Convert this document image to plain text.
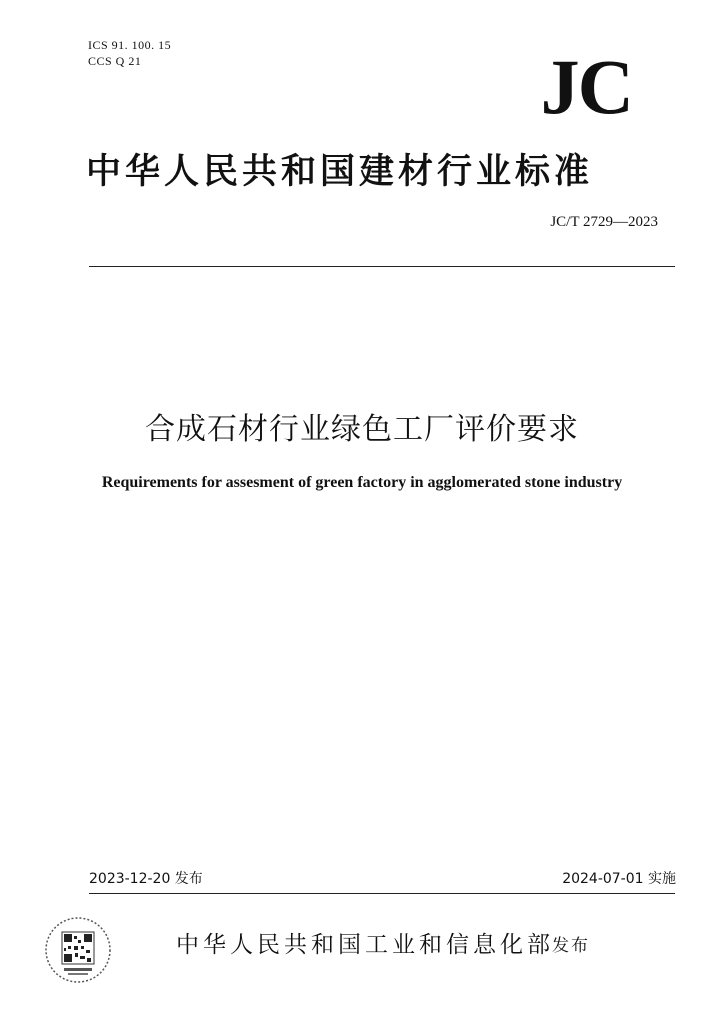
ICS 91. 100. 15
CCS Q 21	JC
中华人民共和国建材行业标准
JC/T 2729—2023
合成石材行业绿色工厂评价要求
Requirements for assesment of green factory in agglomerated stone industry
2023-12-20 发布	2024-07-01 实施
中华人民共和国工业和信息化部
发布
